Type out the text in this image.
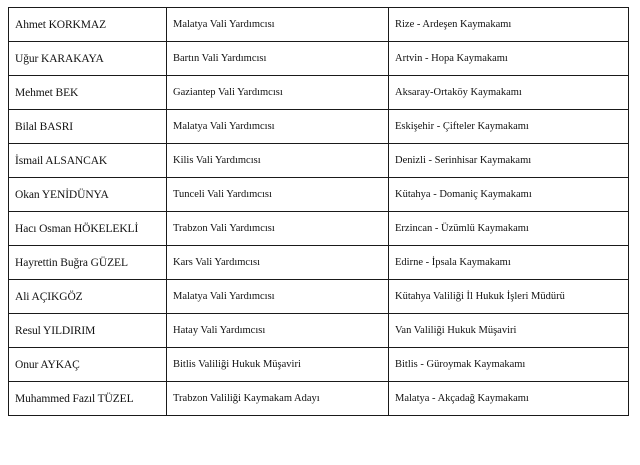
Ahmet KORKMAZ	Malatya Vali Yardımcısı	Rize - Ardeşen Kaymakamı
Uğur KARAKAYA	Bartın Vali Yardımcısı	Artvin - Hopa Kaymakamı
Mehmet BEK	Gaziantep Vali Yardımcısı	Aksaray-Ortaköy Kaymakamı
Bilal BASRI	Malatya Vali Yardımcısı	Eskişehir - Çifteler Kaymakamı
İsmail ALSANCAK	Kilis Vali Yardımcısı	Denizli - Serinhisar Kaymakamı
Okan YENİDÜNYA	Tunceli Vali Yardımcısı	Kütahya - Domaniç Kaymakamı
Hacı Osman HÖKELEKLİ	Trabzon Vali Yardımcısı	Erzincan - Üzümlü Kaymakamı
Hayrettin Buğra GÜZEL	Kars Vali Yardımcısı	Edirne - İpsala Kaymakamı
Ali AÇIKGÖZ	Malatya Vali Yardımcısı	Kütahya Valiliği İl Hukuk İşleri Müdürü
Resul YILDIRIM	Hatay Vali Yardımcısı	Van Valiliği Hukuk Müşaviri
Onur AYKAÇ	Bitlis Valiliği Hukuk Müşaviri	Bitlis - Güroymak Kaymakamı
Muhammed Fazıl TÜZEL	Trabzon Valiliği Kaymakam Adayı	Malatya - Akçadağ Kaymakamı
